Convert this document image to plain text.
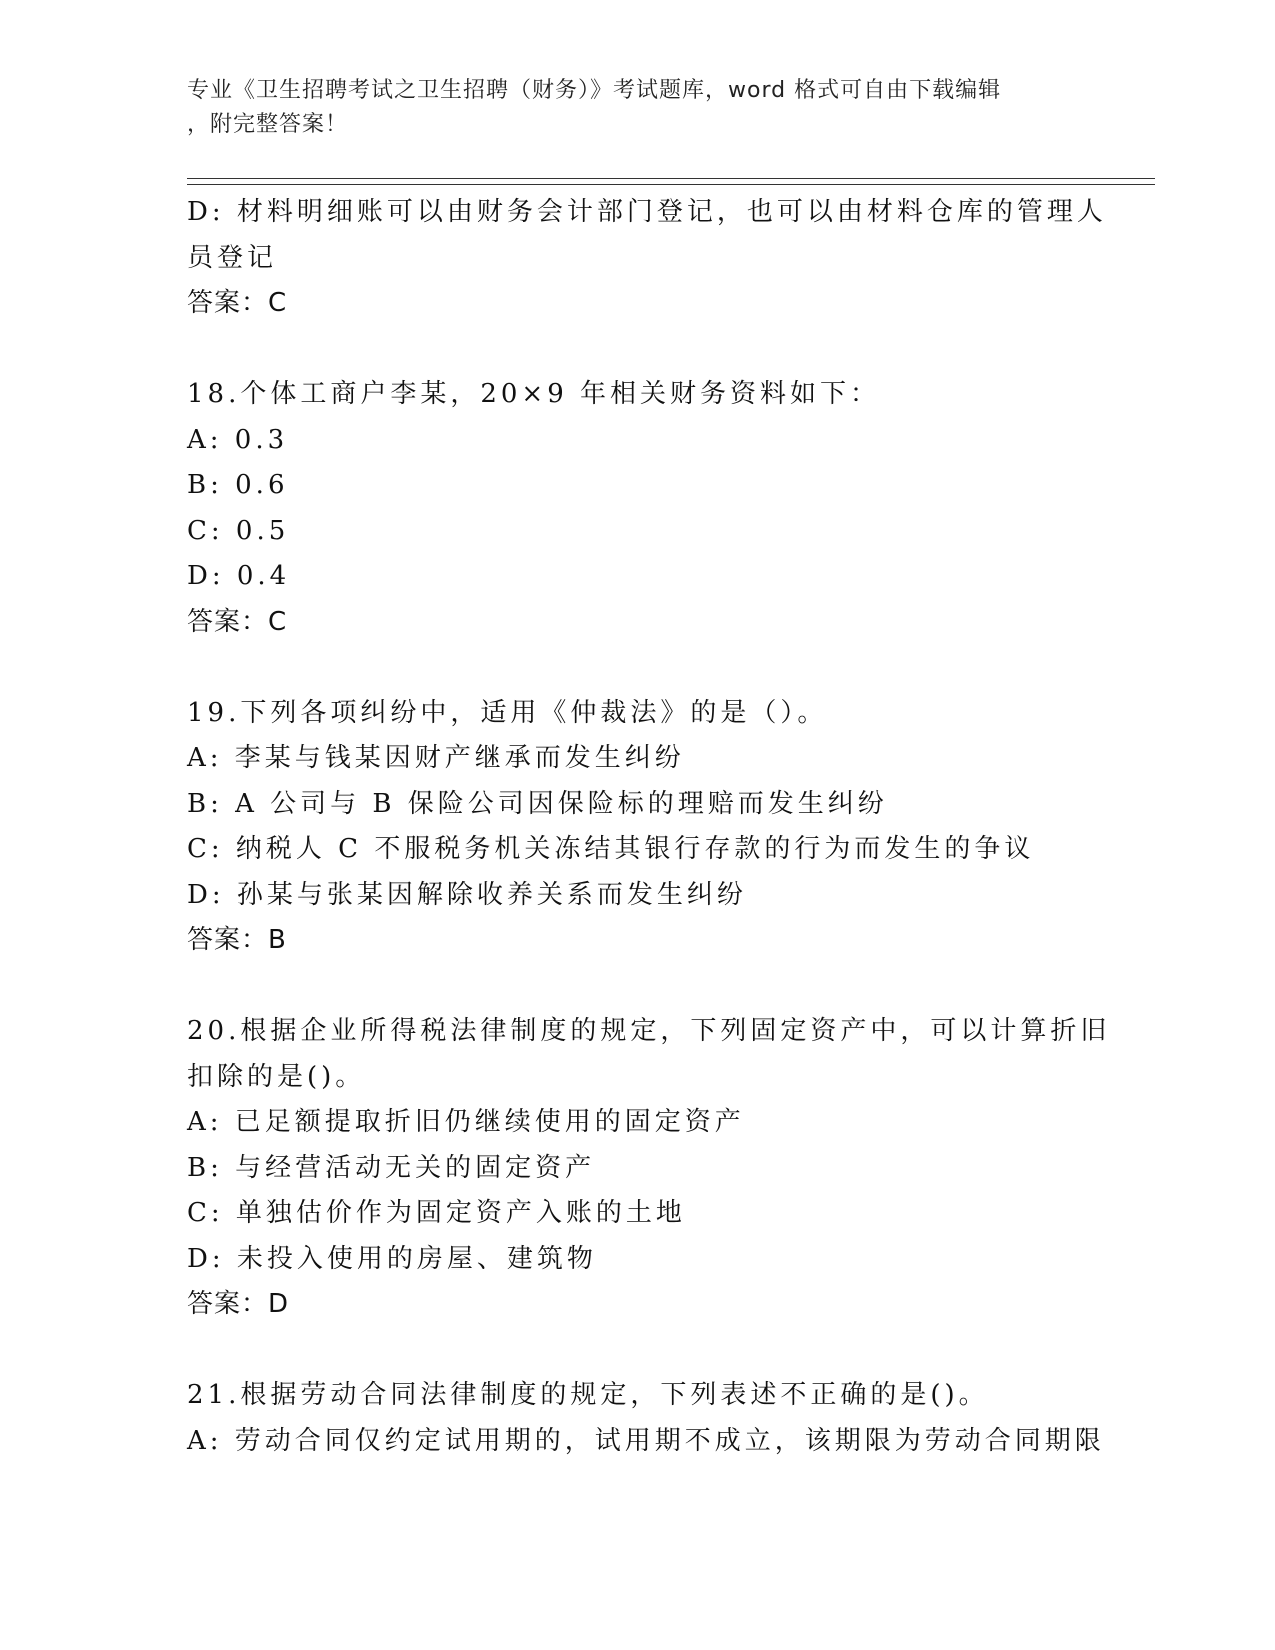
专业《卫生招聘考试之卫生招聘（财务）》考试题库，word 格式可自由下载编辑
，附完整答案！
D: 材料明细账可以由财务会计部门登记，也可以由材料仓库的管理人
员登记
答案：C
18.个体工商户李某，20×9 年相关财务资料如下：
A: 0.3
B: 0.6
C: 0.5
D: 0.4
答案：C
19.下列各项纠纷中，适用《仲裁法》的是（）。
A: 李某与钱某因财产继承而发生纠纷
B: A 公司与 B 保险公司因保险标的理赔而发生纠纷
C: 纳税人 C 不服税务机关冻结其银行存款的行为而发生的争议
D: 孙某与张某因解除收养关系而发生纠纷
答案：B
20.根据企业所得税法律制度的规定，下列固定资产中，可以计算折旧
扣除的是()。
A: 已足额提取折旧仍继续使用的固定资产
B: 与经营活动无关的固定资产
C: 单独估价作为固定资产入账的土地
D: 未投入使用的房屋、建筑物
答案：D
21.根据劳动合同法律制度的规定，下列表述不正确的是()。
A: 劳动合同仅约定试用期的，试用期不成立，该期限为劳动合同期限
